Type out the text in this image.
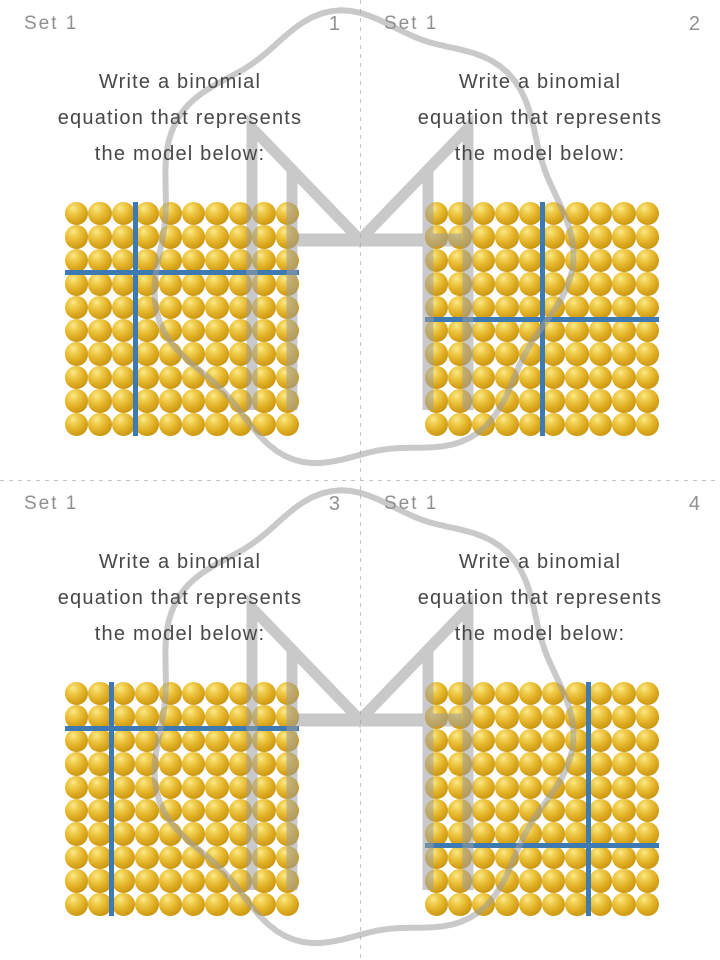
Set 1	1
Write a binomial
equation that represents
the model below:
Set 1	2
Write a binomial
equation that represents
the model below:
Set 1	3
Write a binomial
equation that represents
the model below:
Set 1	4
Write a binomial
equation that represents
the model below:
